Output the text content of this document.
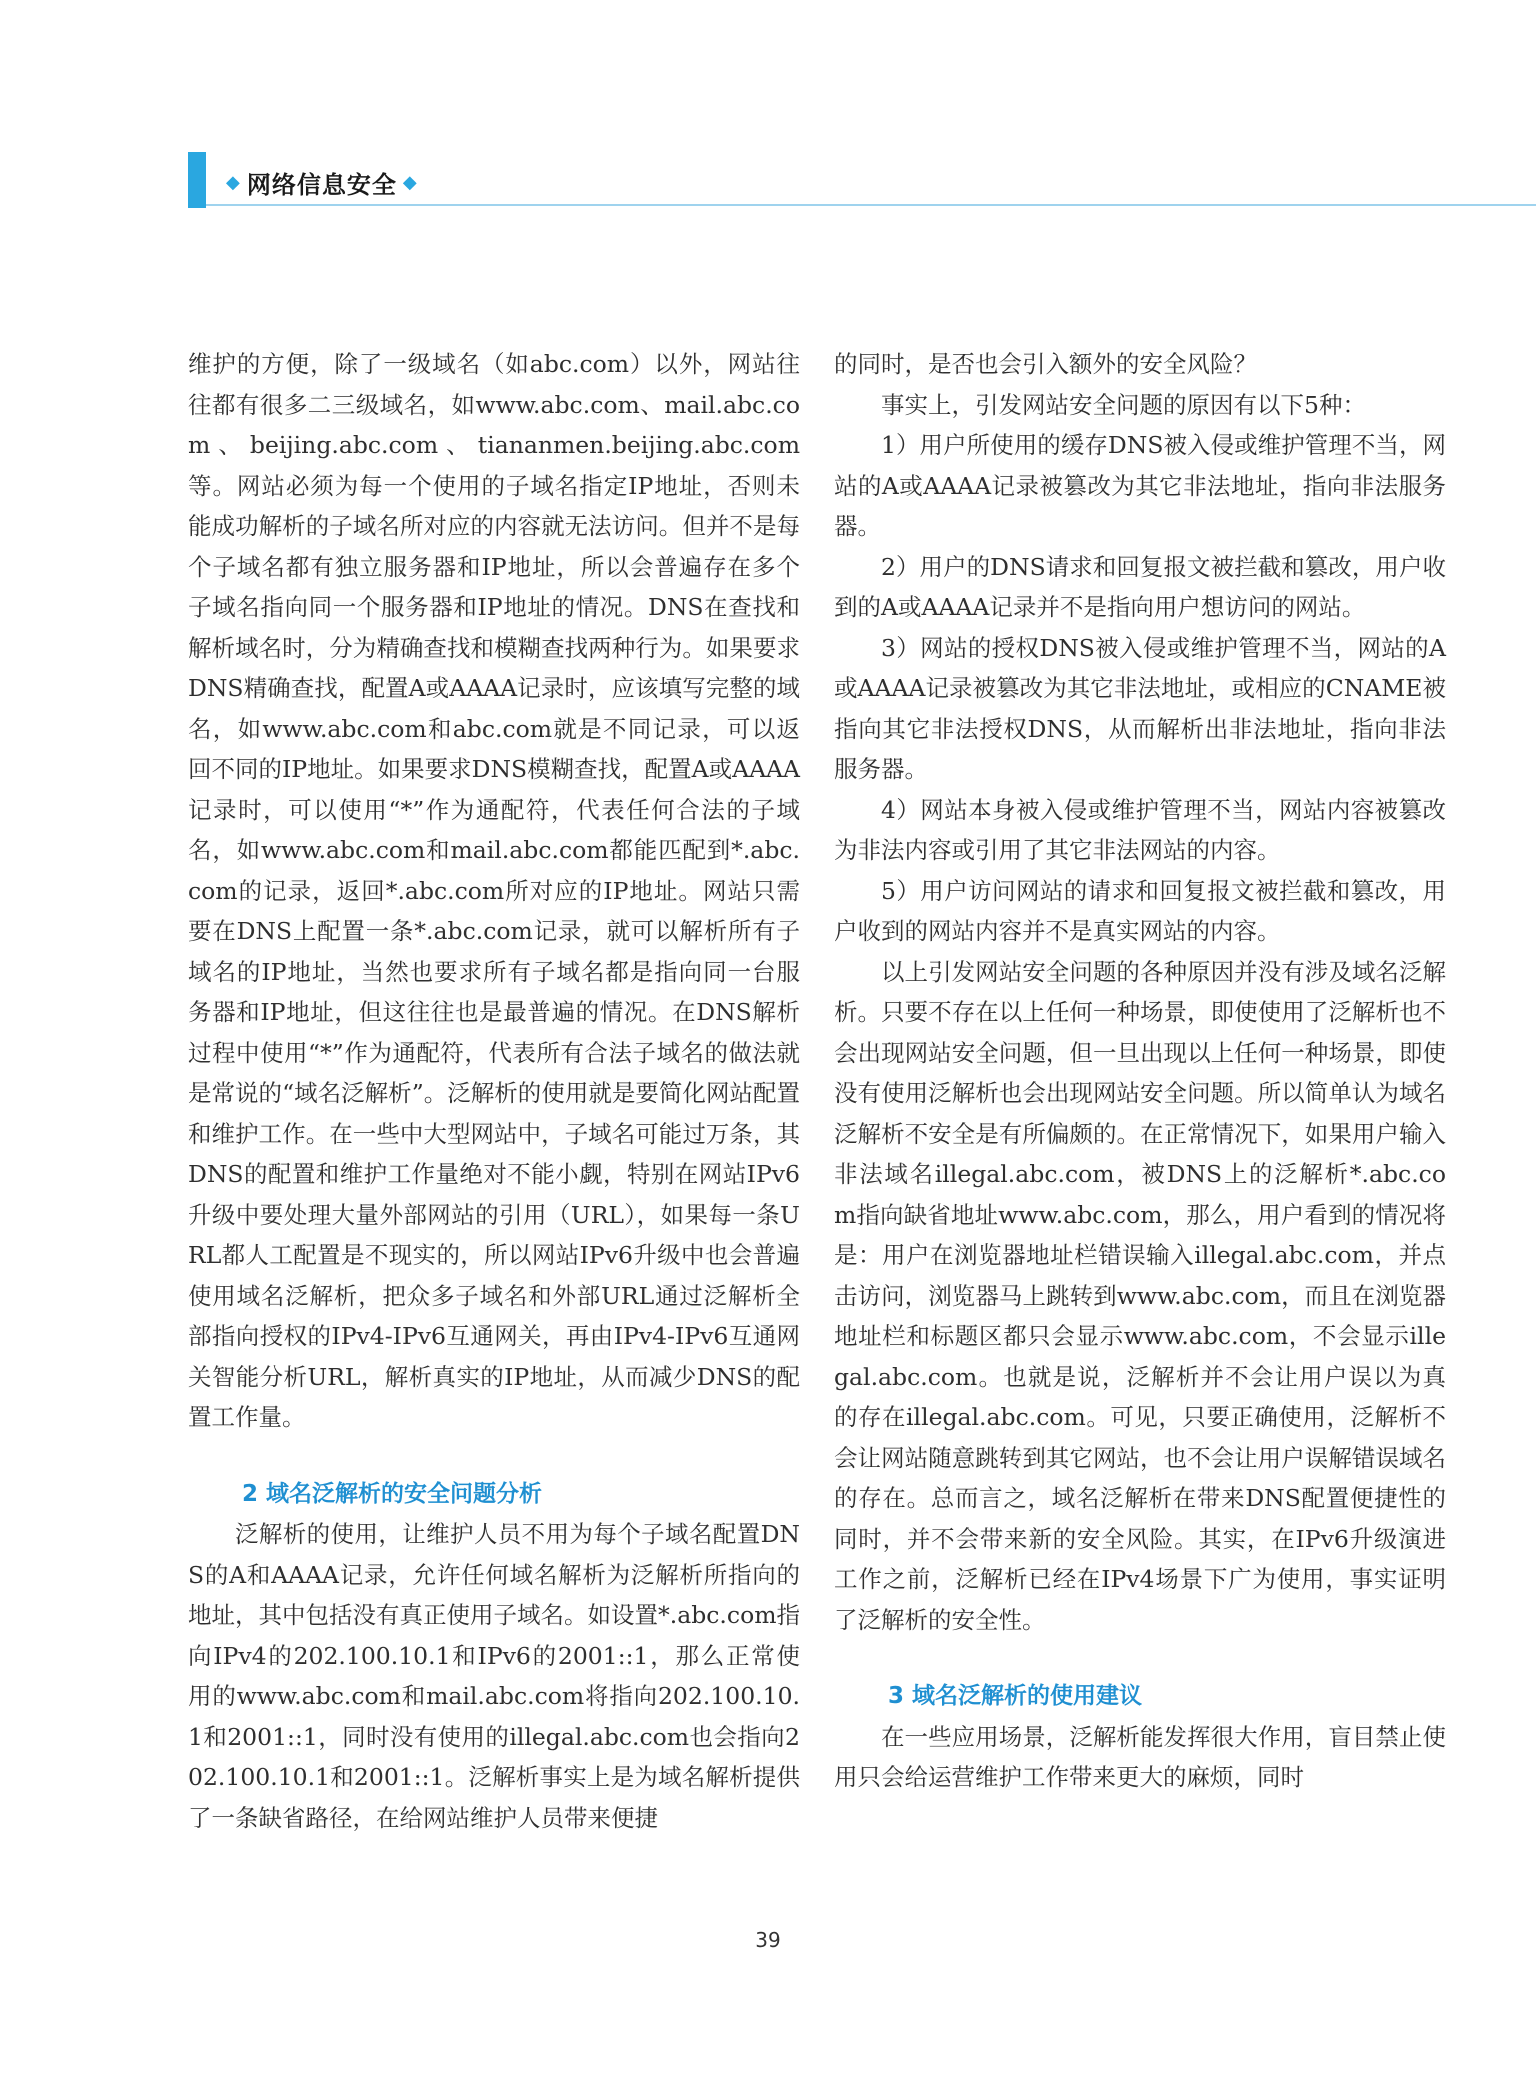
◆ 网络信息安全 ◆

维护的方便，除了一级域名（如abc.com）以外，网站往往都有很多二三级域名，如www.abc.com、mail.abc.com、beijing.abc.com、tiananmen.beijing.abc.com等。网站必须为每一个使用的子域名指定IP地址，否则未能成功解析的子域名所对应的内容就无法访问。但并不是每个子域名都有独立服务器和IP地址，所以会普遍存在多个子域名指向同一个服务器和IP地址的情况。DNS在查找和解析域名时，分为精确查找和模糊查找两种行为。如果要求DNS精确查找，配置A或AAAA记录时，应该填写完整的域名，如www.abc.com和abc.com就是不同记录，可以返回不同的IP地址。如果要求DNS模糊查找，配置A或AAAA记录时，可以使用“*”作为通配符，代表任何合法的子域名，如www.abc.com和mail.abc.com都能匹配到*.abc.com的记录，返回*.abc.com所对应的IP地址。网站只需要在DNS上配置一条*.abc.com记录，就可以解析所有子域名的IP地址，当然也要求所有子域名都是指向同一台服务器和IP地址，但这往往也是最普遍的情况。在DNS解析过程中使用“*”作为通配符，代表所有合法子域名的做法就是常说的“域名泛解析”。泛解析的使用就是要简化网站配置和维护工作。在一些中大型网站中，子域名可能过万条，其DNS的配置和维护工作量绝对不能小觑，特别在网站IPv6升级中要处理大量外部网站的引用（URL），如果每一条URL都人工配置是不现实的，所以网站IPv6升级中也会普遍使用域名泛解析，把众多子域名和外部URL通过泛解析全部指向授权的IPv4-IPv6互通网关，再由IPv4-IPv6互通网关智能分析URL，解析真实的IP地址，从而减少DNS的配置工作量。

2 域名泛解析的安全问题分析

泛解析的使用，让维护人员不用为每个子域名配置DNS的A和AAAA记录，允许任何域名解析为泛解析所指向的地址，其中包括没有真正使用子域名。如设置*.abc.com指向IPv4的202.100.10.1和IPv6的2001::1，那么正常使用的www.abc.com和mail.abc.com将指向202.100.10.1和2001::1，同时没有使用的illegal.abc.com也会指向202.100.10.1和2001::1。泛解析事实上是为域名解析提供了一条缺省路径，在给网站维护人员带来便捷

的同时，是否也会引入额外的安全风险？

事实上，引发网站安全问题的原因有以下5种：

1）用户所使用的缓存DNS被入侵或维护管理不当，网站的A或AAAA记录被篡改为其它非法地址，指向非法服务器。

2）用户的DNS请求和回复报文被拦截和篡改，用户收到的A或AAAA记录并不是指向用户想访问的网站。

3）网站的授权DNS被入侵或维护管理不当，网站的A或AAAA记录被篡改为其它非法地址，或相应的CNAME被指向其它非法授权DNS，从而解析出非法地址，指向非法服务器。

4）网站本身被入侵或维护管理不当，网站内容被篡改为非法内容或引用了其它非法网站的内容。

5）用户访问网站的请求和回复报文被拦截和篡改，用户收到的网站内容并不是真实网站的内容。

以上引发网站安全问题的各种原因并没有涉及域名泛解析。只要不存在以上任何一种场景，即使使用了泛解析也不会出现网站安全问题，但一旦出现以上任何一种场景，即使没有使用泛解析也会出现网站安全问题。所以简单认为域名泛解析不安全是有所偏颇的。在正常情况下，如果用户输入非法域名illegal.abc.com，被DNS上的泛解析*.abc.com指向缺省地址www.abc.com，那么，用户看到的情况将是：用户在浏览器地址栏错误输入illegal.abc.com，并点击访问，浏览器马上跳转到www.abc.com，而且在浏览器地址栏和标题区都只会显示www.abc.com，不会显示illegal.abc.com。也就是说，泛解析并不会让用户误以为真的存在illegal.abc.com。可见，只要正确使用，泛解析不会让网站随意跳转到其它网站，也不会让用户误解错误域名的存在。总而言之，域名泛解析在带来DNS配置便捷性的同时，并不会带来新的安全风险。其实，在IPv6升级演进工作之前，泛解析已经在IPv4场景下广为使用，事实证明了泛解析的安全性。

3 域名泛解析的使用建议

在一些应用场景，泛解析能发挥很大作用，盲目禁止使用只会给运营维护工作带来更大的麻烦，同时

39
